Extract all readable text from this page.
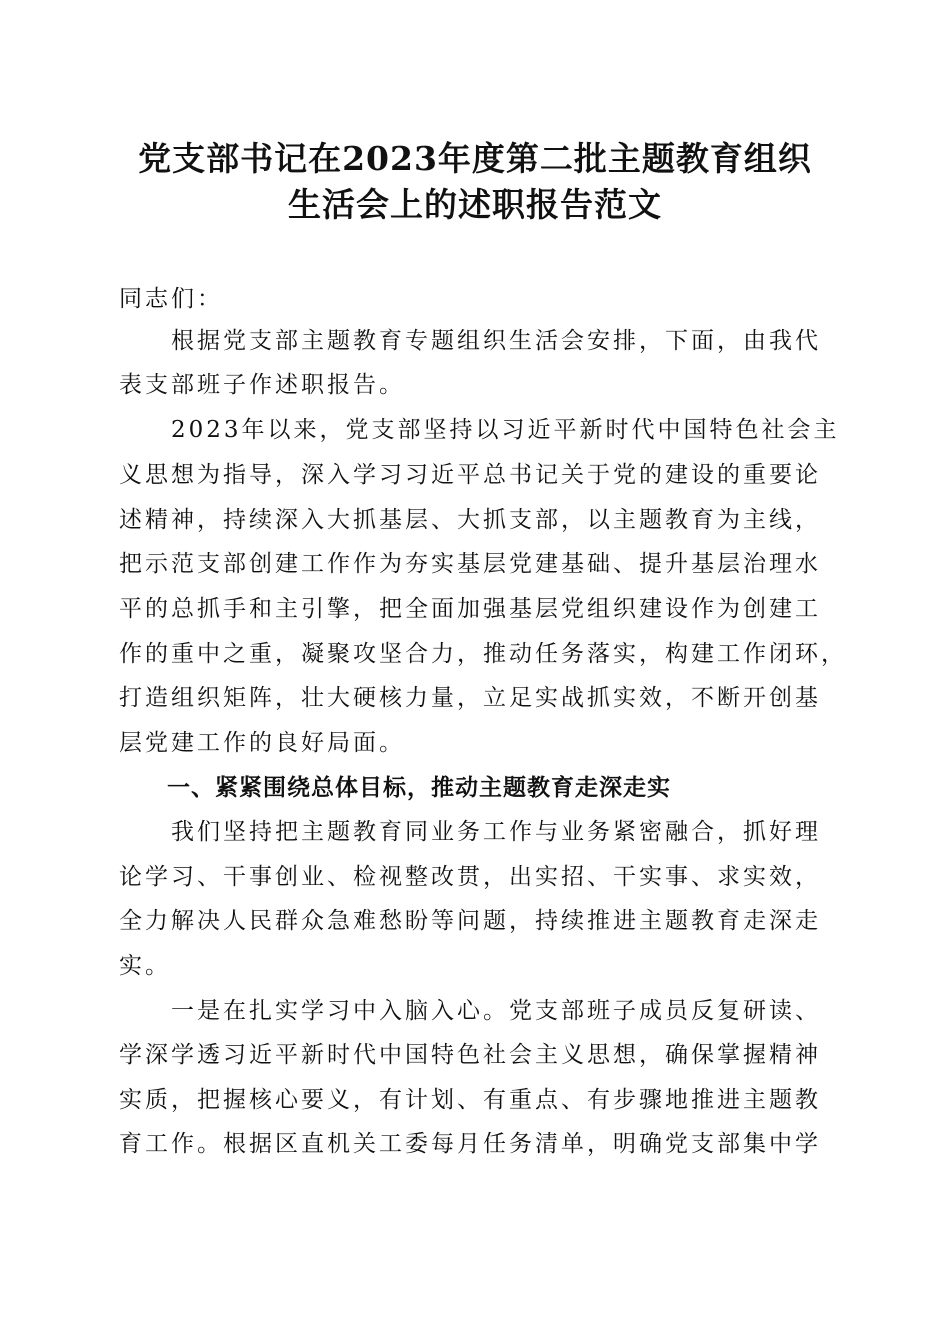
党支部书记在2023年度第二批主题教育组织
生活会上的述职报告范文
同志们：
　　根据党支部主题教育专题组织生活会安排，下面，由我代
表支部班子作述职报告。
　　2023年以来，党支部坚持以习近平新时代中国特色社会主
义思想为指导，深入学习习近平总书记关于党的建设的重要论
述精神，持续深入大抓基层、大抓支部，以主题教育为主线，
把示范支部创建工作作为夯实基层党建基础、提升基层治理水
平的总抓手和主引擎，把全面加强基层党组织建设作为创建工
作的重中之重，凝聚攻坚合力，推动任务落实，构建工作闭环，
打造组织矩阵，壮大硬核力量，立足实战抓实效，不断开创基
层党建工作的良好局面。
　　一、紧紧围绕总体目标，推动主题教育走深走实
　　我们坚持把主题教育同业务工作与业务紧密融合，抓好理
论学习、干事创业、检视整改贯，出实招、干实事、求实效，
全力解决人民群众急难愁盼等问题，持续推进主题教育走深走
实。
　　一是在扎实学习中入脑入心。党支部班子成员反复研读、
学深学透习近平新时代中国特色社会主义思想，确保掌握精神
实质，把握核心要义，有计划、有重点、有步骤地推进主题教
育工作。根据区直机关工委每月任务清单，明确党支部集中学
